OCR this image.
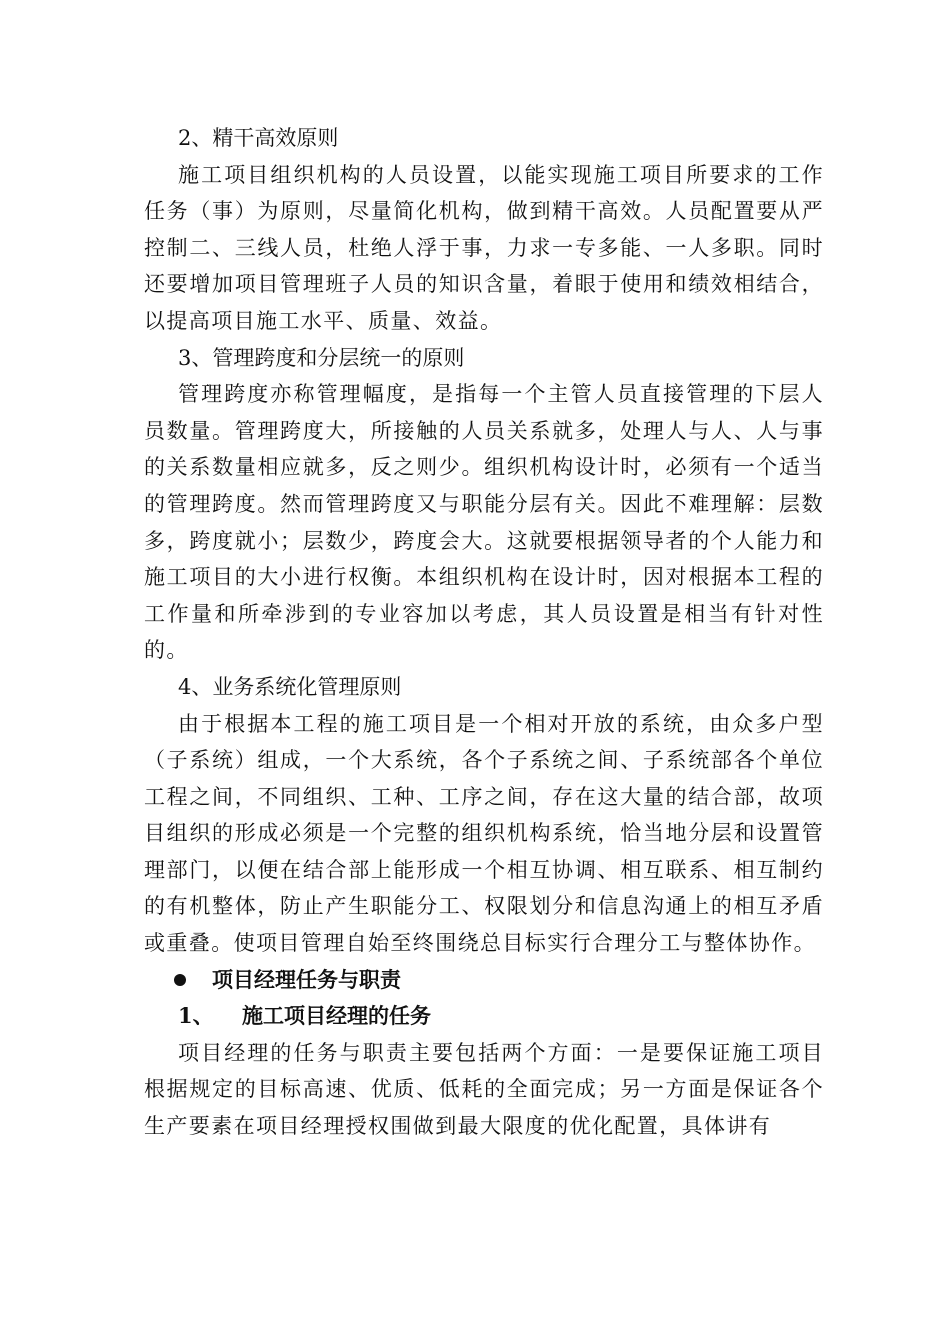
2、精干高效原则

施工项目组织机构的人员设置，以能实现施工项目所要求的工作任务（事）为原则，尽量简化机构，做到精干高效。人员配置要从严控制二、三线人员，杜绝人浮于事，力求一专多能、一人多职。同时还要增加项目管理班子人员的知识含量，着眼于使用和绩效相结合，以提高项目施工水平、质量、效益。

3、管理跨度和分层统一的原则

管理跨度亦称管理幅度，是指每一个主管人员直接管理的下层人员数量。管理跨度大，所接触的人员关系就多，处理人与人、人与事的关系数量相应就多，反之则少。组织机构设计时，必须有一个适当的管理跨度。然而管理跨度又与职能分层有关。因此不难理解：层数多，跨度就小；层数少，跨度会大。这就要根据领导者的个人能力和施工项目的大小进行权衡。本组织机构在设计时，因对根据本工程的工作量和所牵涉到的专业容加以考虑，其人员设置是相当有针对性的。

4、业务系统化管理原则

由于根据本工程的施工项目是一个相对开放的系统，由众多户型（子系统）组成，一个大系统，各个子系统之间、子系统部各个单位工程之间，不同组织、工种、工序之间，存在这大量的结合部，故项目组织的形成必须是一个完整的组织机构系统，恰当地分层和设置管理部门，以便在结合部上能形成一个相互协调、相互联系、相互制约的有机整体，防止产生职能分工、权限划分和信息沟通上的相互矛盾或重叠。使项目管理自始至终围绕总目标实行合理分工与整体协作。

项目经理任务与职责

1、	施工项目经理的任务

项目经理的任务与职责主要包括两个方面：一是要保证施工项目根据规定的目标高速、优质、低耗的全面完成；另一方面是保证各个生产要素在项目经理授权围做到最大限度的优化配置，具体讲有
